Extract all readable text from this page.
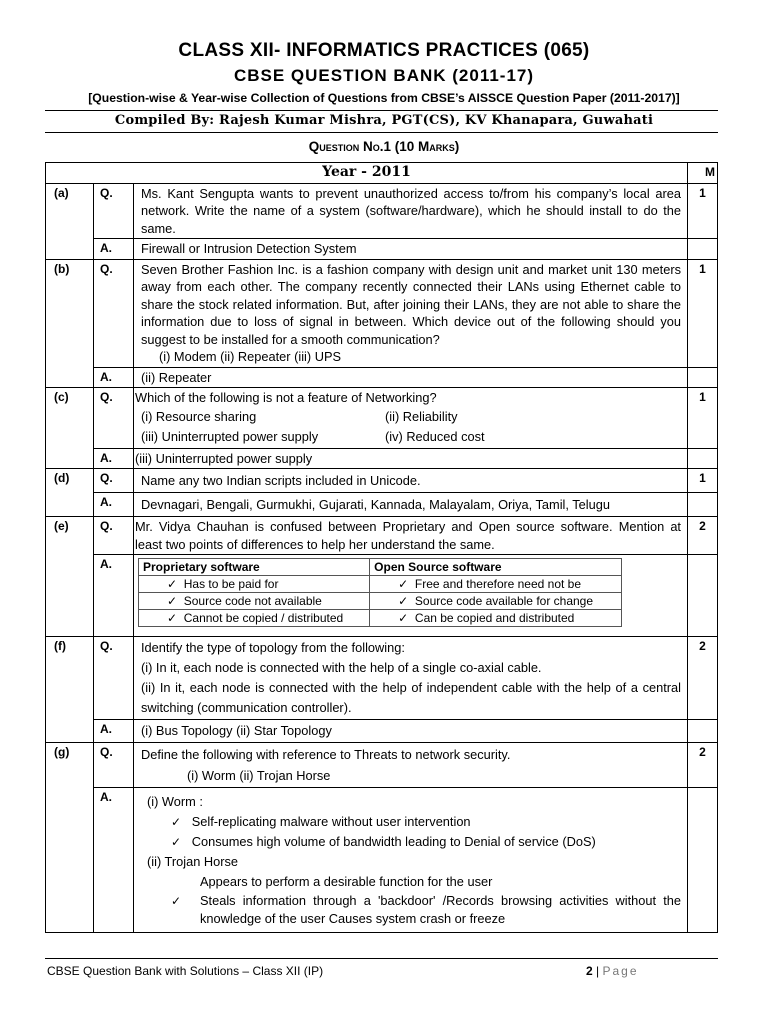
CLASS XII- INFORMATICS PRACTICES (065)
CBSE QUESTION BANK (2011-17)
[Question-wise & Year-wise Collection of Questions from CBSE’s AISSCE Question Paper (2011-2017)]
Compiled By: Rajesh Kumar Mishra, PGT(CS), KV Khanapara, Guwahati
Question No.1 (10 Marks)
Year - 2011	M
(a)	Q.	Ms. Kant Sengupta wants to prevent unauthorized access to/from his company’s local area network. Write the name of a system (software/hardware), which he should install to do the same.	1
A.	Firewall or Intrusion Detection System	
(b)	Q.	Seven Brother Fashion Inc. is a fashion company with design unit and market unit 130 meters away from each other. The company recently connected their LANs using Ethernet cable to share the stock related information. But, after joining their LANs, they are not able to share the information due to loss of signal in between. Which device out of the following should you suggest to be installed for a smooth communication?
(i) Modem (ii) Repeater (iii) UPS
	1
A.	(ii) Repeater	
(c)	Q.	Which of the following is not a feature of Networking?
(i) Resource sharing	(ii) Reliability
(iii) Uninterrupted power supply	(iv) Reduced cost
	1
A.	(iii) Uninterrupted power supply	
(d)	Q.	Name any two Indian scripts included in Unicode.	1
A.	Devnagari, Bengali, Gurmukhi, Gujarati, Kannada, Malayalam, Oriya, Tamil, Telugu	
(e)	Q.	Mr. Vidya Chauhan is confused between Proprietary and Open source software. Mention at least two points of differences to help her understand the same.	2
A.		Proprietary software	Open Source software
✓ Has to be paid for	✓ Free and therefore need not be
✓ Source code not available	✓ Source code available for change
✓ Cannot be copied / distributed	✓ Can be copied and distributed

(f)	Q.	Identify the type of topology from the following:
(i) In it, each node is connected with the help of a single co-axial cable.
(ii) In it, each node is connected with the help of independent cable with the help of a central switching (communication controller).
	2
A.	(i) Bus Topology (ii) Star Topology	
(g)	Q.	Define the following with reference to Threats to network security.
(i) Worm (ii) Trojan Horse
	2
A.	(i) Worm :
✓ Self-replicating malware without user intervention
✓ Consumes high volume of bandwidth leading to Denial of service (DoS)
(ii) Trojan Horse
Appears to perform a desirable function for the user
✓	Steals information through a 'backdoor' /Records browsing activities without the knowledge of the user Causes system crash or freeze

CBSE Question Bank with Solutions – Class XII (IP)	2 | Page
